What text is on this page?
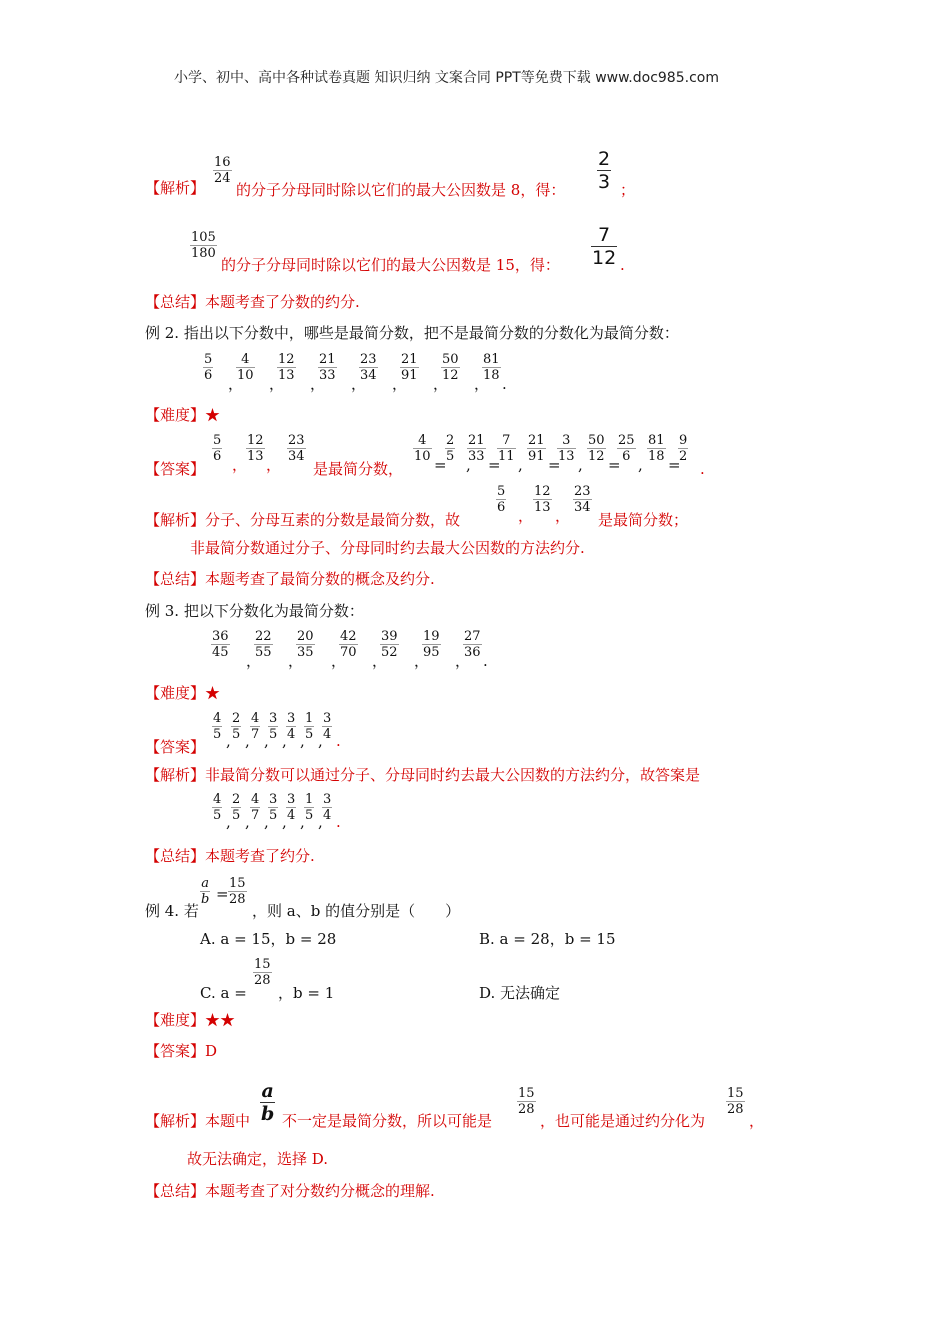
小学、初中、高中各种试卷真题 知识归纳 文案合同 PPT等免费下载 www.doc985.com
【解析】
$\frac{16}{24}$
的分子分母同时除以它们的最大公因数是 8，得： $\frac{2}{3}$ ；
$\frac{105}{180}$
的分子分母同时除以它们的最大公因数是 15，得： $\frac{7}{12}$ .
【总结】本题考查了分数的约分.
例 2. 指出以下分数中，哪些是最简分数，把不是最简分数的分数化为最简分数：
$\frac{5}{6}$
，
$\frac{4}{10}$
，
$\frac{12}{13}$
，
$\frac{21}{33}$
，
$\frac{23}{34}$
，
$\frac{21}{91}$
，
$\frac{50}{12}$
，
$\frac{81}{18}$
.
【难度】★
【答案】
$\frac{5}{6}$
，
$\frac{12}{13}$
，
$\frac{23}{34}$
是最简分数，
$\frac{4}{10}$
=
$\frac{2}{5}$
,
$\frac{21}{33}$
=
$\frac{7}{11}$
,
$\frac{21}{91}$
=
$\frac{3}{13}$
,
$\frac{50}{12}$
=
$\frac{25}{6}$
,
$\frac{81}{18}$
=
$\frac{9}{2}$
.
【解析】分子、分母互素的分数是最简分数，故
$\frac{5}{6}$
，
$\frac{12}{13}$
，
$\frac{23}{34}$
是最简分数；
非最简分数通过分子、分母同时约去最大公因数的方法约分.
【总结】本题考查了最简分数的概念及约分.
例 3. 把以下分数化为最简分数：
$\frac{36}{45}$
，
$\frac{22}{55}$
，
$\frac{20}{35}$
，
$\frac{42}{70}$
，
$\frac{39}{52}$
，
$\frac{19}{95}$
，
$\frac{27}{36}$
.
【难度】★
【答案】
$\frac{4}{5}$ , $\frac{2}{5}$ , $\frac{4}{7}$ , $\frac{3}{5}$ , $\frac{3}{4}$ , $\frac{1}{5}$ , $\frac{3}{4}$ .
【解析】非最简分数可以通过分子、分母同时约去最大公因数的方法约分，故答案是
$\frac{4}{5}$ , $\frac{2}{5}$ , $\frac{4}{7}$ , $\frac{3}{5}$ , $\frac{3}{4}$ , $\frac{1}{5}$ , $\frac{3}{4}$ .
【总结】本题考查了约分.
例 4. 若
$\frac{a}{b} = \frac{15}{28}$
，则 a、b 的值分别是（　　）
A. a = 15，b = 28	B. a = 28，b = 15
C. a =
$\frac{15}{28}$
，b = 1	D. 无法确定
【难度】★★
【答案】D
【解析】本题中 $\frac{a}{b}$ 不一定是最简分数，所以可能是
$\frac{15}{28}$
，也可能是通过约分化为
$\frac{15}{28}$
，
故无法确定，选择 D.
【总结】本题考查了对分数约分概念的理解.
